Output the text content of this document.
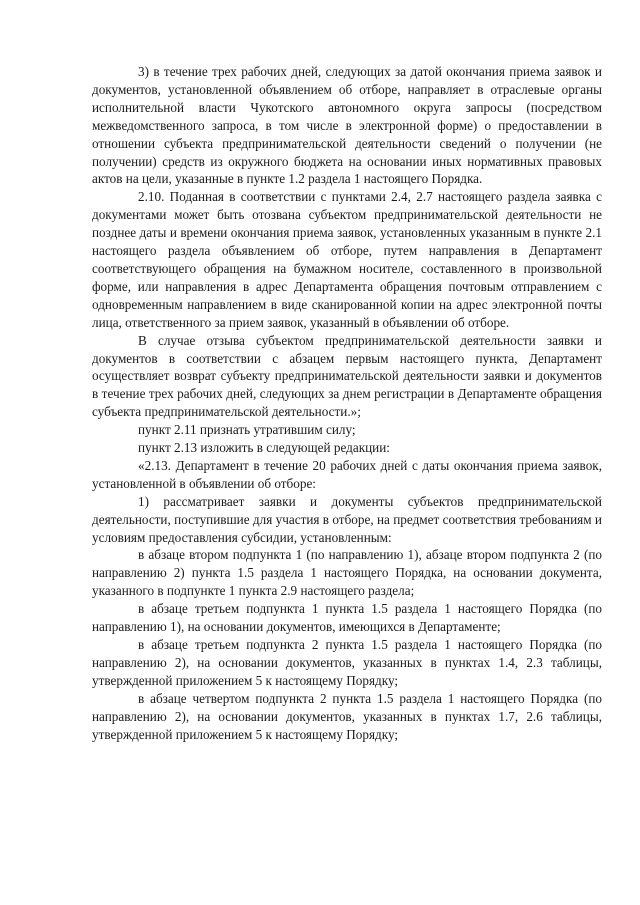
3) в течение трех рабочих дней, следующих за датой окончания приема заявок и документов, установленной объявлением об отборе, направляет в отраслевые органы исполнительной власти Чукотского автономного округа запросы (посредством межведомственного запроса, в том числе в электронной форме) о предоставлении в отношении субъекта предпринимательской деятельности сведений о получении (не получении) средств из окружного бюджета на основании иных нормативных правовых актов на цели, указанные в пункте 1.2 раздела 1 настоящего Порядка.

2.10. Поданная в соответствии с пунктами 2.4, 2.7 настоящего раздела заявка с документами может быть отозвана субъектом предпринимательской деятельности не позднее даты и времени окончания приема заявок, установленных указанным в пункте 2.1 настоящего раздела объявлением об отборе, путем направления в Департамент соответствующего обращения на бумажном носителе, составленного в произвольной форме, или направления в адрес Департамента обращения почтовым отправлением с одновременным направлением в виде сканированной копии на адрес электронной почты лица, ответственного за прием заявок, указанный в объявлении об отборе.

В случае отзыва субъектом предпринимательской деятельности заявки и документов в соответствии с абзацем первым настоящего пункта, Департамент осуществляет возврат субъекту предпринимательской деятельности заявки и документов в течение трех рабочих дней, следующих за днем регистрации в Департаменте обращения субъекта предпринимательской деятельности.»;

пункт 2.11 признать утратившим силу;

пункт 2.13 изложить в следующей редакции:

«2.13. Департамент в течение 20 рабочих дней с даты окончания приема заявок, установленной в объявлении об отборе:

1) рассматривает заявки и документы субъектов предпринимательской деятельности, поступившие для участия в отборе, на предмет соответствия требованиям и условиям предоставления субсидии, установленным:

в абзаце втором подпункта 1 (по направлению 1), абзаце втором подпункта 2 (по направлению 2) пункта 1.5 раздела 1 настоящего Порядка, на основании документа, указанного в подпункте 1 пункта 2.9 настоящего раздела;

в абзаце третьем подпункта 1 пункта 1.5 раздела 1 настоящего Порядка (по направлению 1), на основании документов, имеющихся в Департаменте;

в абзаце третьем подпункта 2 пункта 1.5 раздела 1 настоящего Порядка (по направлению 2), на основании документов, указанных в пунктах 1.4, 2.3 таблицы, утвержденной приложением 5 к настоящему Порядку;

в абзаце четвертом подпункта 2 пункта 1.5 раздела 1 настоящего Порядка (по направлению 2), на основании документов, указанных в пунктах 1.7, 2.6 таблицы, утвержденной приложением 5 к настоящему Порядку;
